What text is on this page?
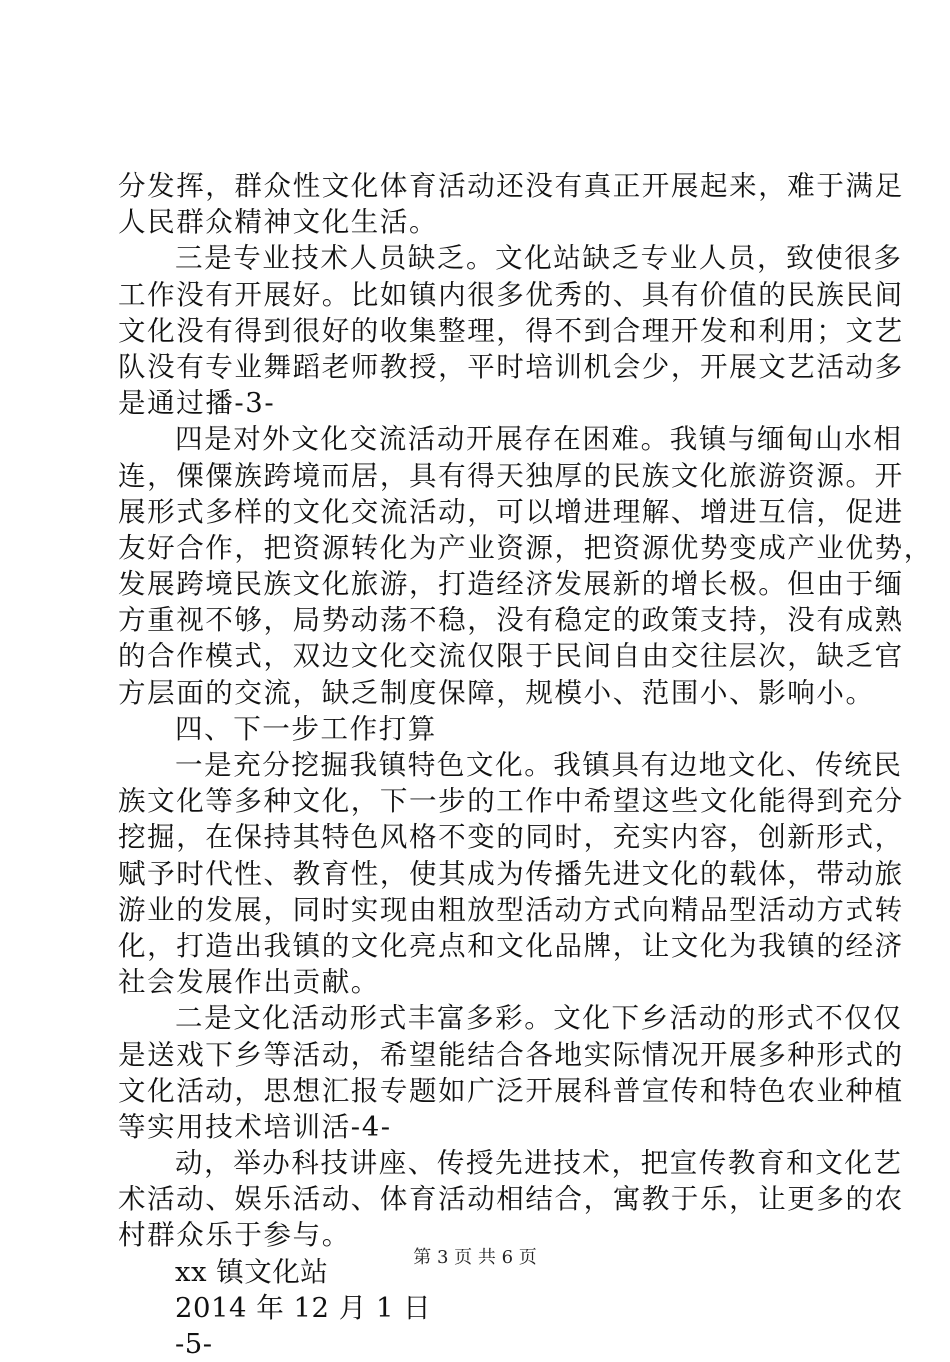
分发挥，群众性文化体育活动还没有真正开展起来，难于满足
人民群众精神文化生活。
三是专业技术人员缺乏。文化站缺乏专业人员，致使很多
工作没有开展好。比如镇内很多优秀的、具有价值的民族民间
文化没有得到很好的收集整理，得不到合理开发和利用；文艺
队没有专业舞蹈老师教授，平时培训机会少，开展文艺活动多
是通过播-3-
四是对外文化交流活动开展存在困难。我镇与缅甸山水相
连，傈僳族跨境而居，具有得天独厚的民族文化旅游资源。开
展形式多样的文化交流活动，可以增进理解、增进互信，促进
友好合作，把资源转化为产业资源，把资源优势变成产业优势，
发展跨境民族文化旅游，打造经济发展新的增长极。但由于缅
方重视不够，局势动荡不稳，没有稳定的政策支持，没有成熟
的合作模式，双边文化交流仅限于民间自由交往层次，缺乏官
方层面的交流，缺乏制度保障，规模小、范围小、影响小。
四、下一步工作打算
一是充分挖掘我镇特色文化。我镇具有边地文化、传统民
族文化等多种文化，下一步的工作中希望这些文化能得到充分
挖掘，在保持其特色风格不变的同时，充实内容，创新形式，
赋予时代性、教育性，使其成为传播先进文化的载体，带动旅
游业的发展，同时实现由粗放型活动方式向精品型活动方式转
化，打造出我镇的文化亮点和文化品牌，让文化为我镇的经济
社会发展作出贡献。
二是文化活动形式丰富多彩。文化下乡活动的形式不仅仅
是送戏下乡等活动，希望能结合各地实际情况开展多种形式的
文化活动，思想汇报专题如广泛开展科普宣传和特色农业种植
等实用技术培训活-4-
动，举办科技讲座、传授先进技术，把宣传教育和文化艺
术活动、娱乐活动、体育活动相结合，寓教于乐，让更多的农
村群众乐于参与。
xx 镇文化站
2014 年 12 月 1 日
-5-
第 3 页 共 6 页
